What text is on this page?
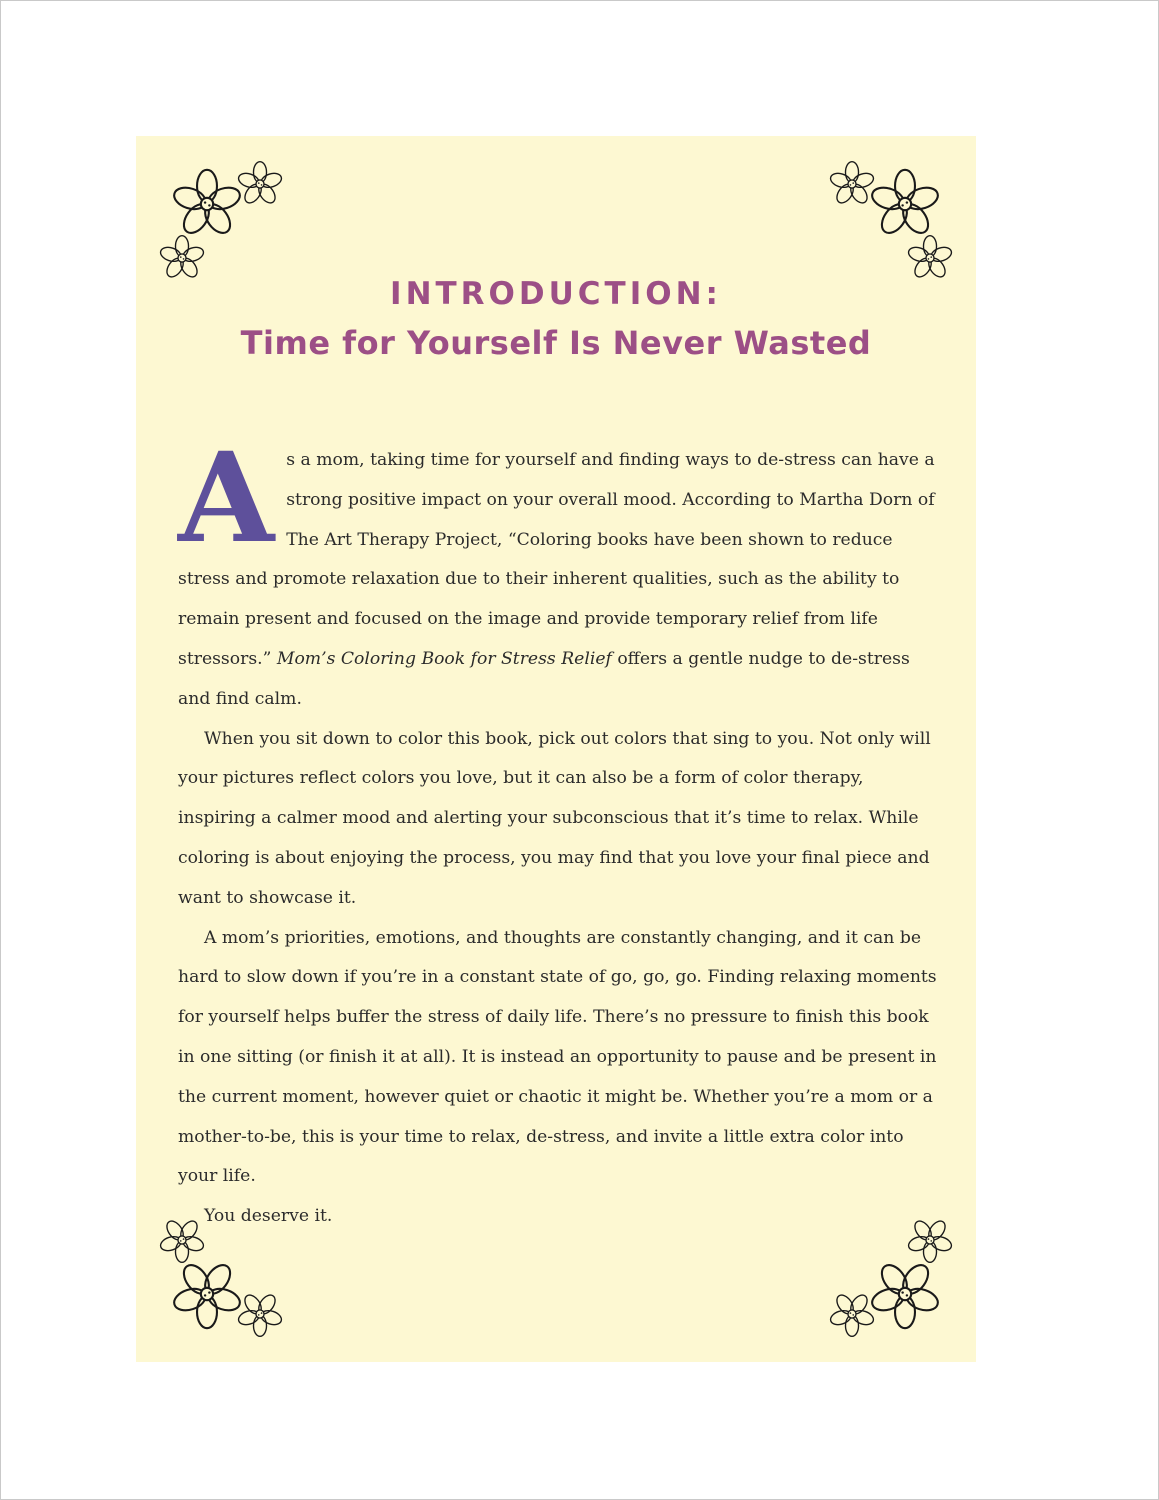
INTRODUCTION:
Time for Yourself Is Never Wasted

As a mom, taking time for yourself and finding ways to de-stress can have a strong positive impact on your overall mood. According to Martha Dorn of The Art Therapy Project, “Coloring books have been shown to reduce stress and promote relaxation due to their inherent qualities, such as the ability to remain present and focused on the image and provide temporary relief from life stressors.” Mom’s Coloring Book for Stress Relief offers a gentle nudge to de-stress and find calm.

When you sit down to color this book, pick out colors that sing to you. Not only will your pictures reflect colors you love, but it can also be a form of color therapy, inspiring a calmer mood and alerting your subconscious that it’s time to relax. While coloring is about enjoying the process, you may find that you love your final piece and want to showcase it.

A mom’s priorities, emotions, and thoughts are constantly changing, and it can be hard to slow down if you’re in a constant state of go, go, go. Finding relaxing moments for yourself helps buffer the stress of daily life. There’s no pressure to finish this book in one sitting (or finish it at all). It is instead an opportunity to pause and be present in the current moment, however quiet or chaotic it might be. Whether you’re a mom or a mother-to-be, this is your time to relax, de-stress, and invite a little extra color into your life.

You deserve it.
